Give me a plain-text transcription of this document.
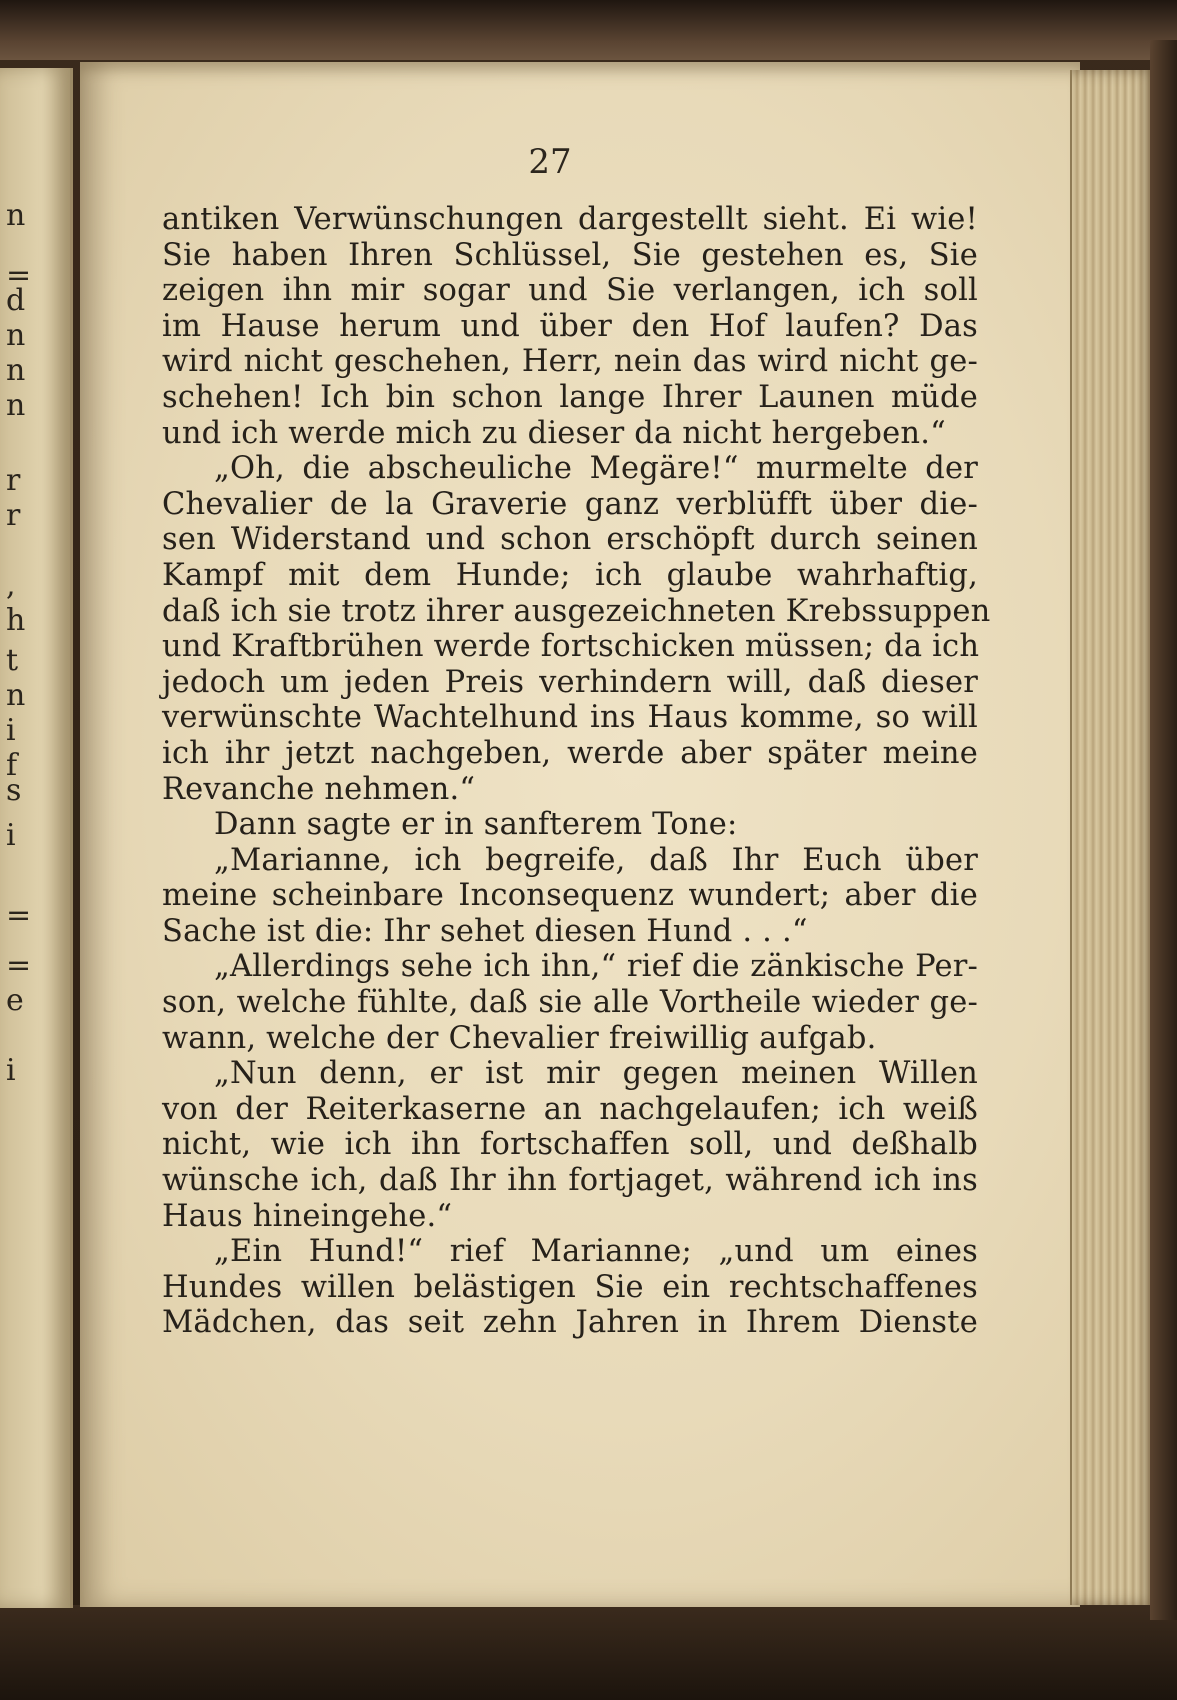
n
=
d
n
n
n
r
r
,
h
t
n
i
f
s
i
=
=
e
i
27
antiken Verwünschungen dargestellt sieht. Ei wie!
Sie haben Ihren Schlüssel, Sie gestehen es, Sie
zeigen ihn mir sogar und Sie verlangen, ich soll
im Hause herum und über den Hof laufen? Das
wird nicht geschehen, Herr, nein das wird nicht ge-
schehen! Ich bin schon lange Ihrer Launen müde
und ich werde mich zu dieser da nicht hergeben.“
„Oh, die abscheuliche Megäre!“ murmelte der
Chevalier de la Graverie ganz verblüfft über die-
sen Widerstand und schon erschöpft durch seinen
Kampf mit dem Hunde; ich glaube wahrhaftig,
daß ich sie trotz ihrer ausgezeichneten Krebssuppen
und Kraftbrühen werde fortschicken müssen; da ich
jedoch um jeden Preis verhindern will, daß dieser
verwünschte Wachtelhund ins Haus komme, so will
ich ihr jetzt nachgeben, werde aber später meine
Revanche nehmen.“
Dann sagte er in sanfterem Tone:
„Marianne, ich begreife, daß Ihr Euch über
meine scheinbare Inconsequenz wundert; aber die
Sache ist die: Ihr sehet diesen Hund . . .“
„Allerdings sehe ich ihn,“ rief die zänkische Per-
son, welche fühlte, daß sie alle Vortheile wieder ge-
wann, welche der Chevalier freiwillig aufgab.
„Nun denn, er ist mir gegen meinen Willen
von der Reiterkaserne an nachgelaufen; ich weiß
nicht, wie ich ihn fortschaffen soll, und deßhalb
wünsche ich, daß Ihr ihn fortjaget, während ich ins
Haus hineingehe.“
„Ein Hund!“ rief Marianne; „und um eines
Hundes willen belästigen Sie ein rechtschaffenes
Mädchen, das seit zehn Jahren in Ihrem Dienste
